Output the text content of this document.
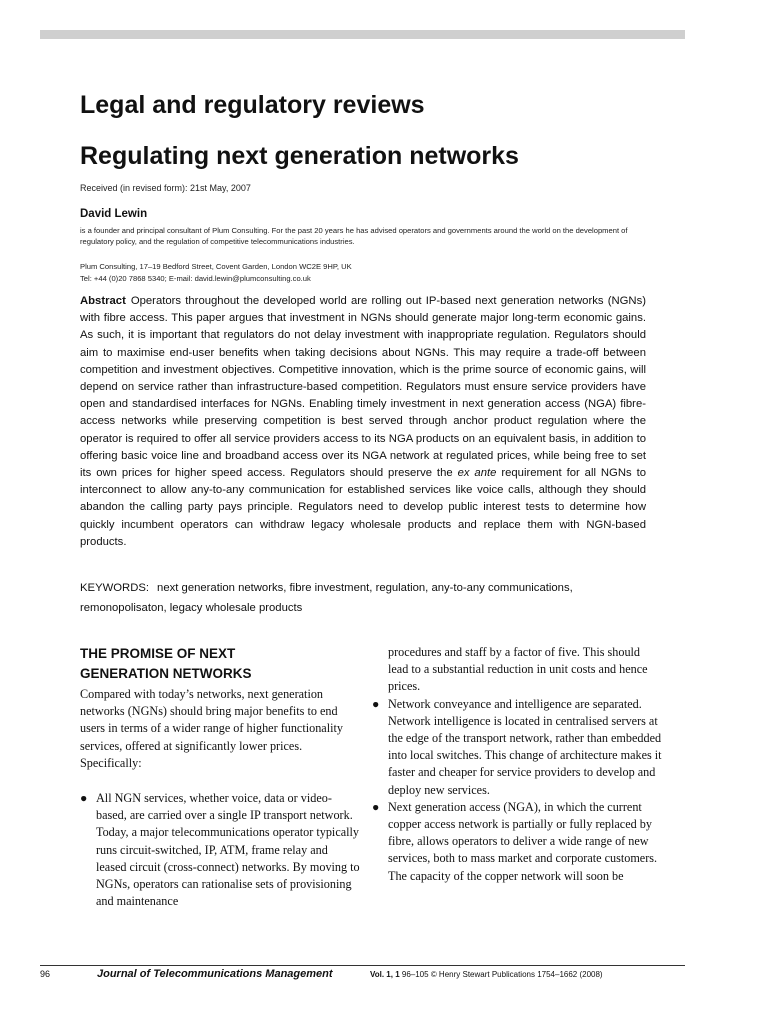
Legal and regulatory reviews
Regulating next generation networks
Received (in revised form): 21st May, 2007
David Lewin
is a founder and principal consultant of Plum Consulting. For the past 20 years he has advised operators and governments around the world on the development of regulatory policy, and the regulation of competitive telecommunications industries.
Plum Consulting, 17–19 Bedford Street, Covent Garden, London WC2E 9HP, UK
Tel: +44 (0)20 7868 5340; E-mail: david.lewin@plumconsulting.co.uk
Abstract Operators throughout the developed world are rolling out IP-based next generation networks (NGNs) with fibre access. This paper argues that investment in NGNs should generate major long-term economic gains. As such, it is important that regulators do not delay investment with inappropriate regulation. Regulators should aim to maximise end-user benefits when taking decisions about NGNs. This may require a trade-off between competition and investment objectives. Competitive innovation, which is the prime source of economic gains, will depend on service rather than infrastructure-based competition. Regulators must ensure service providers have open and standardised interfaces for NGNs. Enabling timely investment in next generation access (NGA) fibre-access networks while preserving competition is best served through anchor product regulation where the operator is required to offer all service providers access to its NGA products on an equivalent basis, in addition to offering basic voice line and broadband access over its NGA network at regulated prices, while being free to set its own prices for higher speed access. Regulators should preserve the ex ante requirement for all NGNs to interconnect to allow any-to-any communication for established services like voice calls, although they should abandon the calling party pays principle. Regulators need to develop public interest tests to determine how quickly incumbent operators can withdraw legacy wholesale products and replace them with NGN-based products.
KEYWORDS: next generation networks, fibre investment, regulation, any-to-any communications, remonopolisaton, legacy wholesale products
THE PROMISE OF NEXT
GENERATION NETWORKS

Compared with today’s networks, next generation networks (NGNs) should bring major benefits to end users in terms of a wider range of higher functionality services, offered at significantly lower prices. Specifically:

● All NGN services, whether voice, data or video-based, are carried over a single IP transport network. Today, a major telecommunications operator typically runs circuit-switched, IP, ATM, frame relay and leased circuit (cross-connect) networks. By moving to NGNs, operators can rationalise sets of provisioning and maintenance

procedures and staff by a factor of five. This should lead to a substantial reduction in unit costs and hence prices.

● Network conveyance and intelligence are separated. Network intelligence is located in centralised servers at the edge of the transport network, rather than embedded into local switches. This change of architecture makes it faster and cheaper for service providers to develop and deploy new services.

● Next generation access (NGA), in which the current copper access network is partially or fully replaced by fibre, allows operators to deliver a wide range of new services, both to mass market and corporate customers. The capacity of the copper network will soon be

96	Journal of Telecommunications Management	Vol. 1, 1 96–105 © Henry Stewart Publications 1754–1662 (2008)
